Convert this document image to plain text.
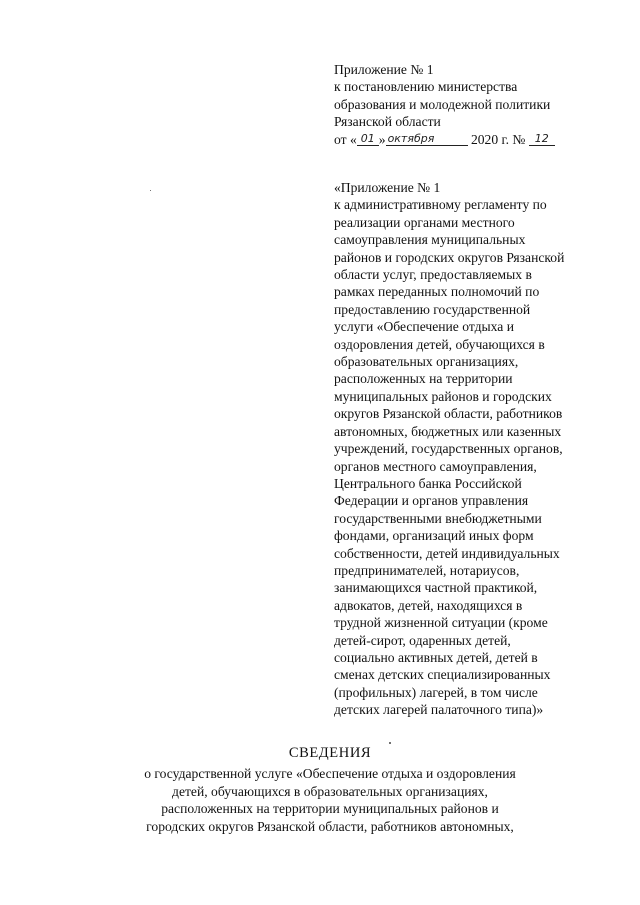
Приложение № 1
к постановлению министерства
образования и молодежной политики
Рязанской области
от « 01 » октября 2020 г. № 12
«Приложение № 1
к административному регламенту по
реализации органами местного
самоуправления муниципальных
районов и городских округов Рязанской
области услуг, предоставляемых в
рамках переданных полномочий по
предоставлению государственной
услуги «Обеспечение отдыха и
оздоровления детей, обучающихся в
образовательных организациях,
расположенных на территории
муниципальных районов и городских
округов Рязанской области, работников
автономных, бюджетных или казенных
учреждений, государственных органов,
органов местного самоуправления,
Центрального банка Российской
Федерации и органов управления
государственными внебюджетными
фондами, организаций иных форм
собственности, детей индивидуальных
предпринимателей, нотариусов,
занимающихся частной практикой,
адвокатов, детей, находящихся в
трудной жизненной ситуации (кроме
детей-сирот, одаренных детей,
социально активных детей, детей в
сменах детских специализированных
(профильных) лагерей, в том числе
детских лагерей палаточного типа)»
СВЕДЕНИЯ
о государственной услуге «Обеспечение отдыха и оздоровления
детей, обучающихся в образовательных организациях,
расположенных на территории муниципальных районов и
городских округов Рязанской области, работников автономных,
